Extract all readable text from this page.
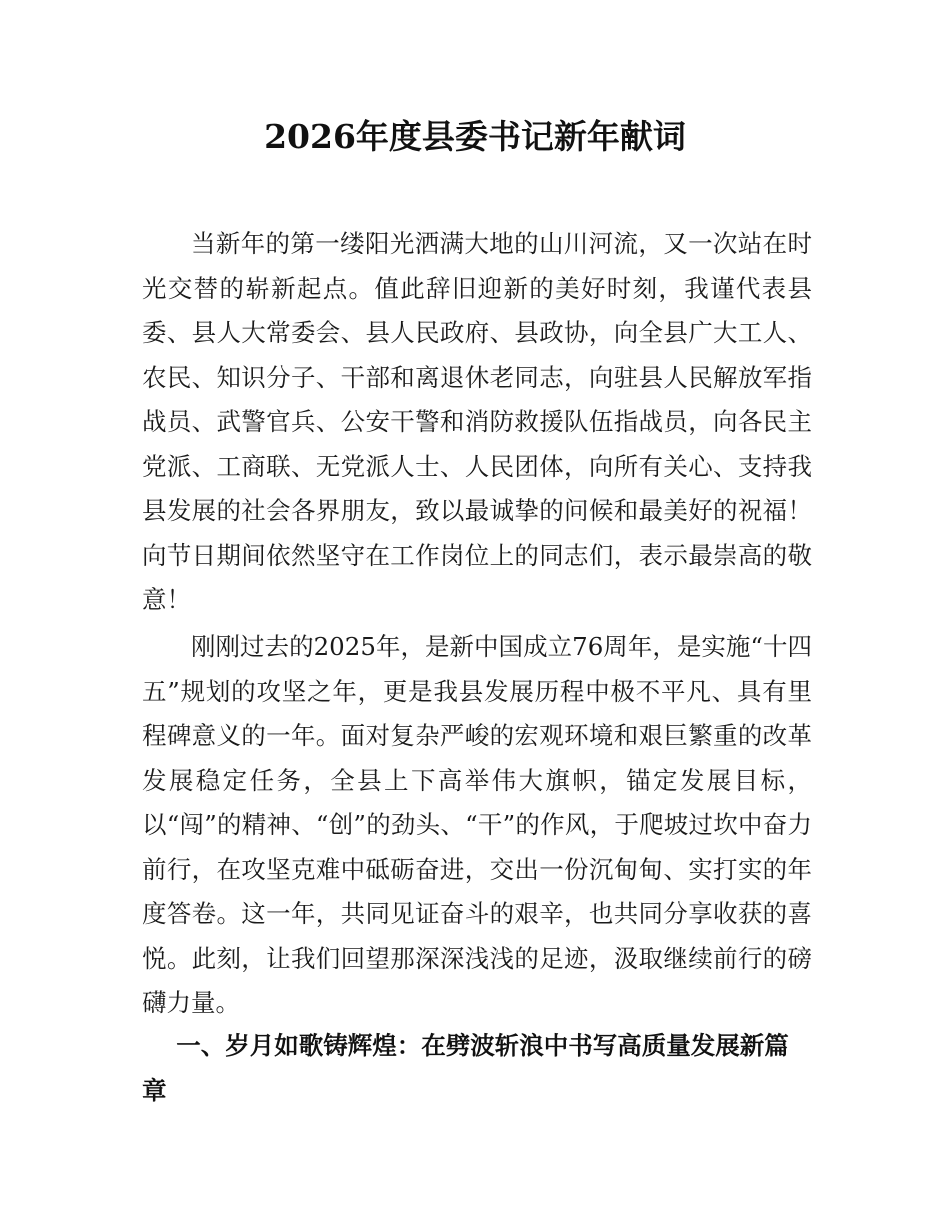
2026年度县委书记新年献词

当新年的第一缕阳光洒满大地的山川河流，又一次站在时光交替的崭新起点。值此辞旧迎新的美好时刻，我谨代表县委、县人大常委会、县人民政府、县政协，向全县广大工人、农民、知识分子、干部和离退休老同志，向驻县人民解放军指战员、武警官兵、公安干警和消防救援队伍指战员，向各民主党派、工商联、无党派人士、人民团体，向所有关心、支持我县发展的社会各界朋友，致以最诚挚的问候和最美好的祝福！向节日期间依然坚守在工作岗位上的同志们，表示最崇高的敬意！

刚刚过去的2025年，是新中国成立76周年，是实施“十四五”规划的攻坚之年，更是我县发展历程中极不平凡、具有里程碑意义的一年。面对复杂严峻的宏观环境和艰巨繁重的改革发展稳定任务，全县上下高举伟大旗帜，锚定发展目标，以“闯”的精神、“创”的劲头、“干”的作风，于爬坡过坎中奋力前行，在攻坚克难中砥砺奋进，交出一份沉甸甸、实打实的年度答卷。这一年，共同见证奋斗的艰辛，也共同分享收获的喜悦。此刻，让我们回望那深深浅浅的足迹，汲取继续前行的磅礴力量。

一、岁月如歌铸辉煌：在劈波斩浪中书写高质量发展新篇章
